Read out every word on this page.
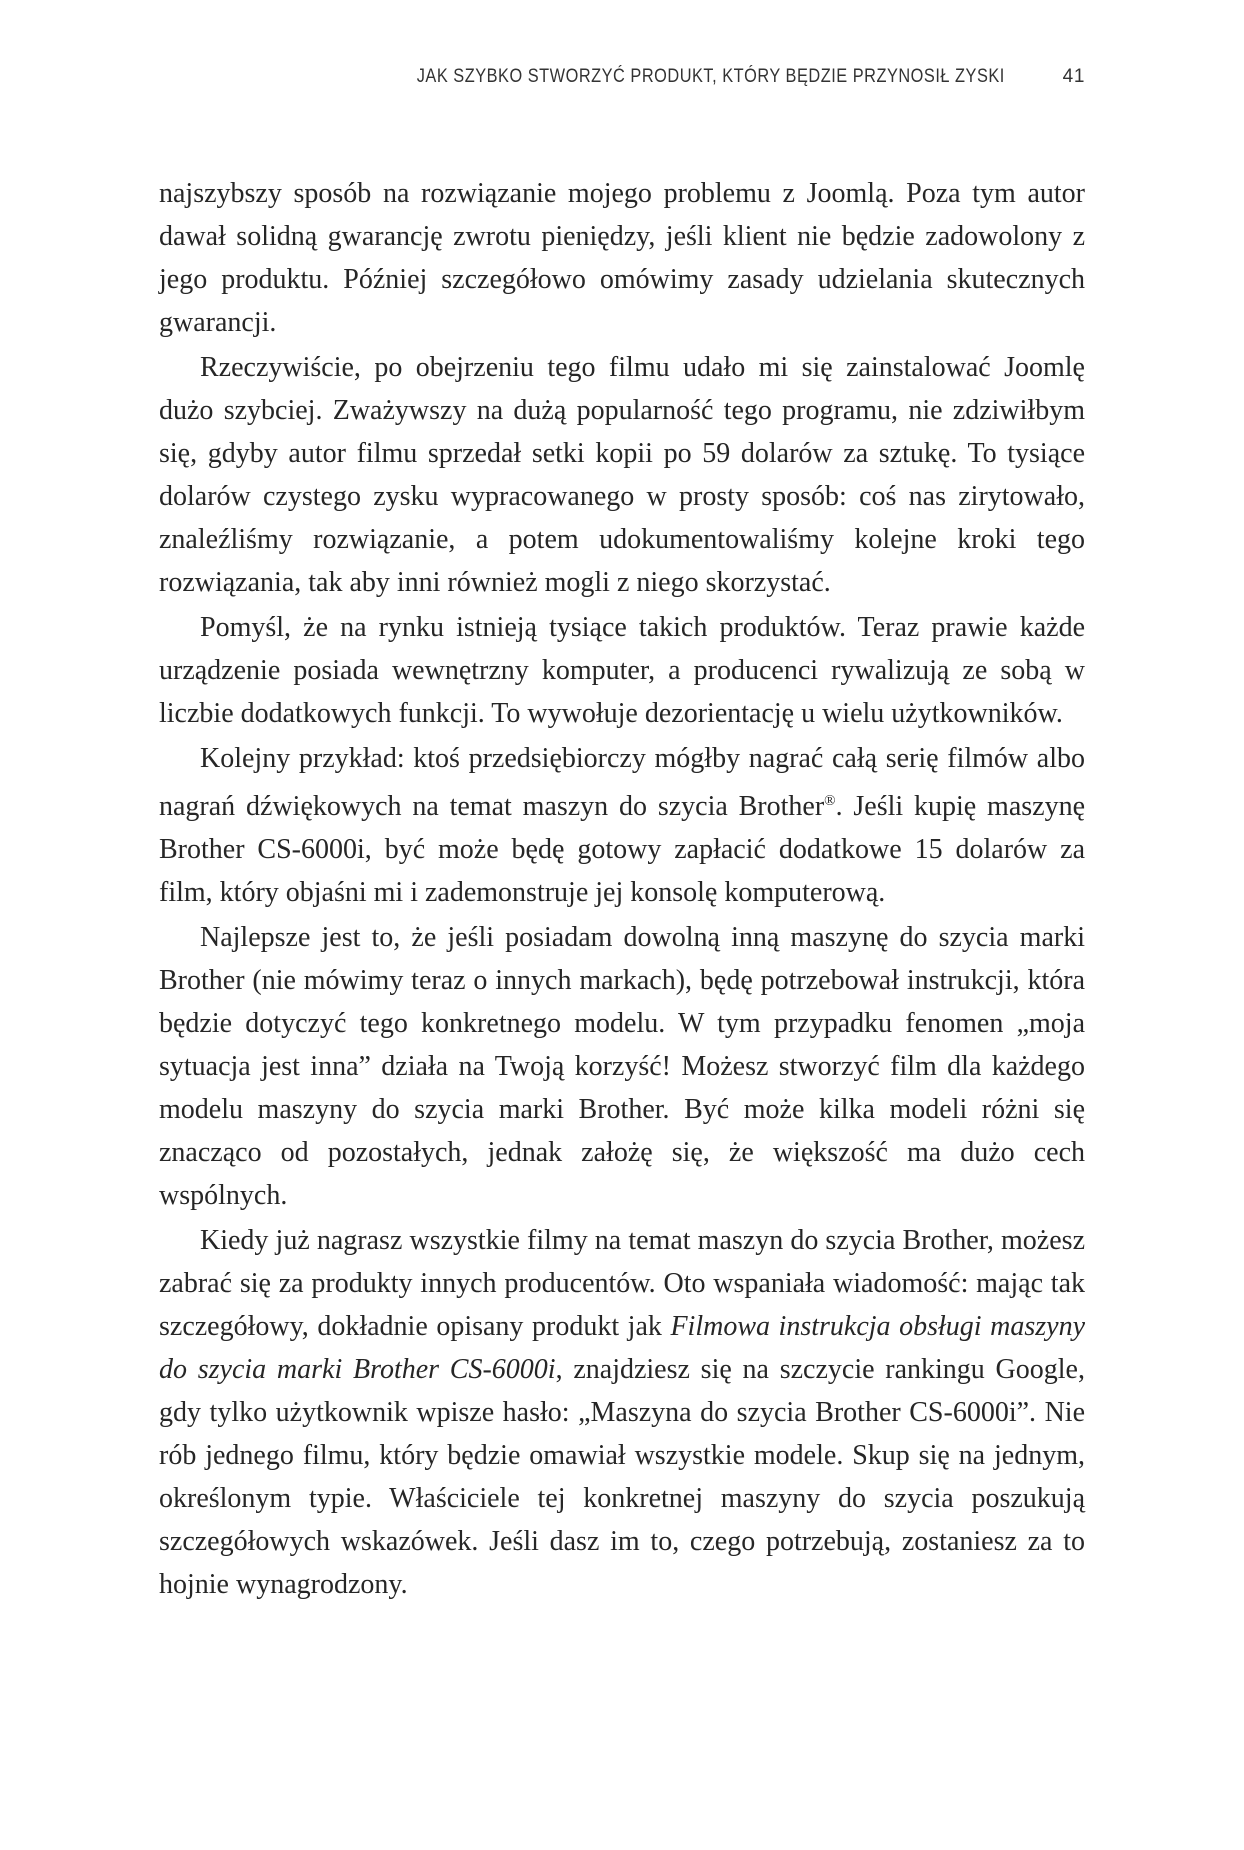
JAK SZYBKO STWORZYĆ PRODUKT, KTÓRY BĘDZIE PRZYNOSIŁ ZYSKI	41

najszybszy sposób na rozwiązanie mojego problemu z Joomlą. Poza tym autor dawał solidną gwarancję zwrotu pieniędzy, jeśli klient nie będzie zadowolony z jego produktu. Później szczegółowo omówimy zasady udzielania skutecznych gwarancji.

Rzeczywiście, po obejrzeniu tego filmu udało mi się zainstalować Joomlę dużo szybciej. Zważywszy na dużą popularność tego programu, nie zdziwiłbym się, gdyby autor filmu sprzedał setki kopii po 59 dolarów za sztukę. To tysiące dolarów czystego zysku wypracowanego w prosty sposób: coś nas zirytowało, znaleźliśmy rozwiązanie, a potem udokumentowaliśmy kolejne kroki tego rozwiązania, tak aby inni również mogli z niego skorzystać.

Pomyśl, że na rynku istnieją tysiące takich produktów. Teraz prawie każde urządzenie posiada wewnętrzny komputer, a producenci rywalizują ze sobą w liczbie dodatkowych funkcji. To wywołuje dezorientację u wielu użytkowników.

Kolejny przykład: ktoś przedsiębiorczy mógłby nagrać całą serię filmów albo nagrań dźwiękowych na temat maszyn do szycia Brother®. Jeśli kupię maszynę Brother CS-6000i, być może będę gotowy zapłacić dodatkowe 15 dolarów za film, który objaśni mi i zademonstruje jej konsolę komputerową.

Najlepsze jest to, że jeśli posiadam dowolną inną maszynę do szycia marki Brother (nie mówimy teraz o innych markach), będę potrzebował instrukcji, która będzie dotyczyć tego konkretnego modelu. W tym przypadku fenomen „moja sytuacja jest inna” działa na Twoją korzyść! Możesz stworzyć film dla każdego modelu maszyny do szycia marki Brother. Być może kilka modeli różni się znacząco od pozostałych, jednak założę się, że większość ma dużo cech wspólnych.

Kiedy już nagrasz wszystkie filmy na temat maszyn do szycia Brother, możesz zabrać się za produkty innych producentów. Oto wspaniała wiadomość: mając tak szczegółowy, dokładnie opisany produkt jak Filmowa instrukcja obsługi maszyny do szycia marki Brother CS-6000i, znajdziesz się na szczycie rankingu Google, gdy tylko użytkownik wpisze hasło: „Maszyna do szycia Brother CS-6000i”. Nie rób jednego filmu, który będzie omawiał wszystkie modele. Skup się na jednym, określonym typie. Właściciele tej konkretnej maszyny do szycia poszukują szczegółowych wskazówek. Jeśli dasz im to, czego potrzebują, zostaniesz za to hojnie wynagrodzony.
